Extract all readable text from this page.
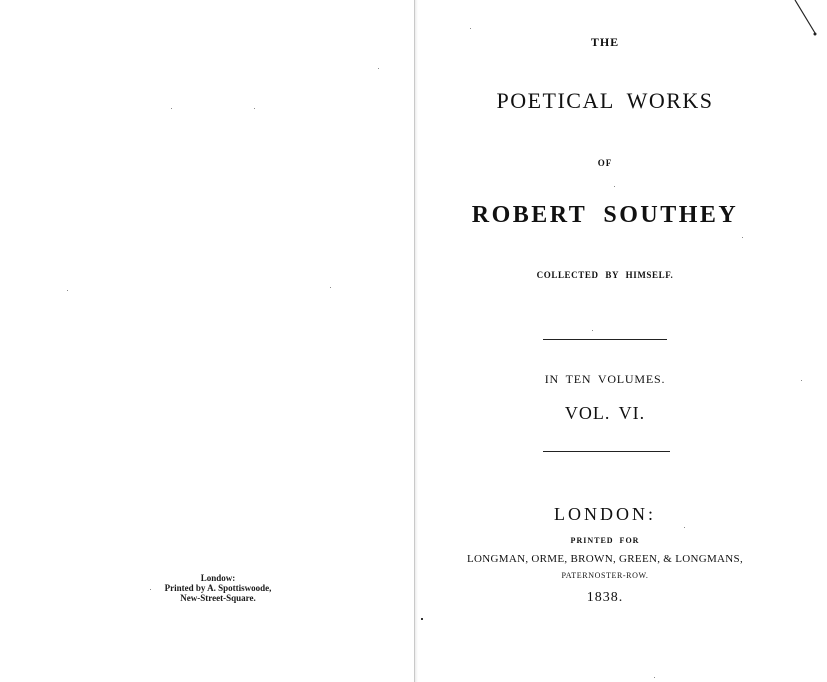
Londow:
Printed by A. Spottiswoode,
New-Street-Square.
THE
POETICAL WORKS
OF
ROBERT SOUTHEY
COLLECTED BY HIMSELF.
IN TEN VOLUMES.
VOL. VI.
LONDON:
PRINTED FOR
LONGMAN, ORME, BROWN, GREEN, & LONGMANS,
PATERNOSTER-ROW.
1838.
